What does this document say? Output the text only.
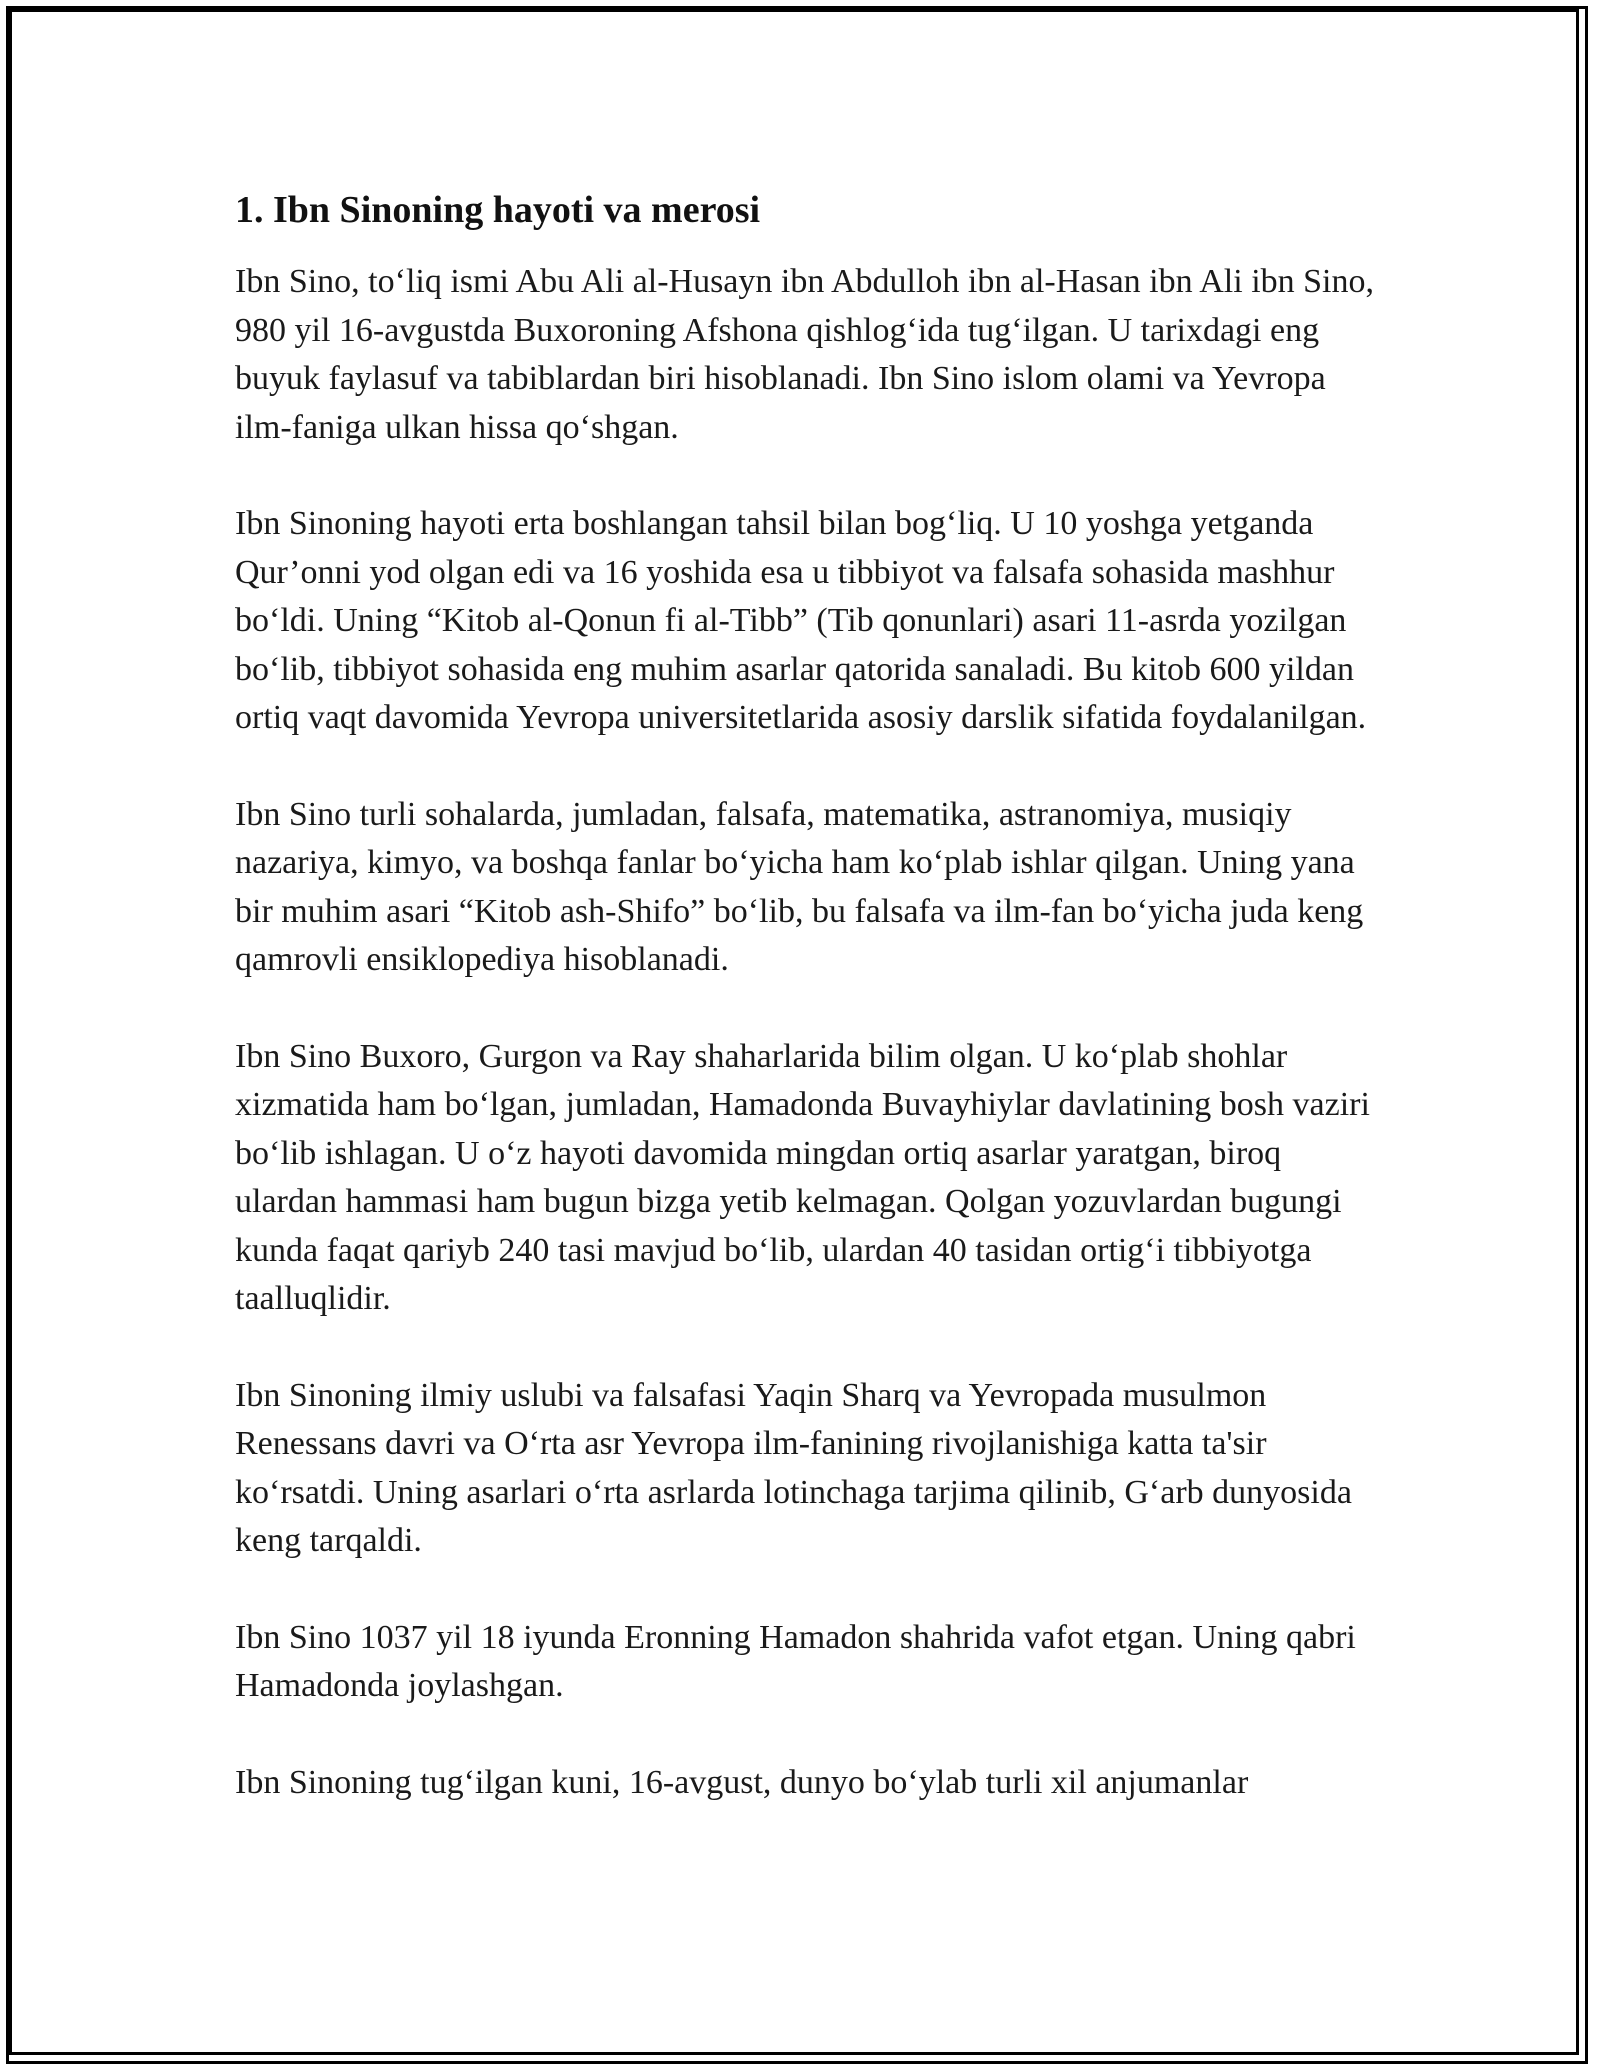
1. Ibn Sinoning hayoti va merosi

Ibn Sino, to‘liq ismi Abu Ali al-Husayn ibn Abdulloh ibn al-Hasan ibn Ali ibn Sino, 980 yil 16-avgustda Buxoroning Afshona qishlog‘ida tug‘ilgan. U tarixdagi eng buyuk faylasuf va tabiblardan biri hisoblanadi. Ibn Sino islom olami va Yevropa ilm-faniga ulkan hissa qo‘shgan.

Ibn Sinoning hayoti erta boshlangan tahsil bilan bog‘liq. U 10 yoshga yetganda Qur’onni yod olgan edi va 16 yoshida esa u tibbiyot va falsafa sohasida mashhur bo‘ldi. Uning “Kitob al-Qonun fi al-Tibb” (Tib qonunlari) asari 11-asrda yozilgan bo‘lib, tibbiyot sohasida eng muhim asarlar qatorida sanaladi. Bu kitob 600 yildan ortiq vaqt davomida Yevropa universitetlarida asosiy darslik sifatida foydalanilgan.

Ibn Sino turli sohalarda, jumladan, falsafa, matematika, astranomiya, musiqiy nazariya, kimyo, va boshqa fanlar bo‘yicha ham ko‘plab ishlar qilgan. Uning yana bir muhim asari “Kitob ash-Shifo” bo‘lib, bu falsafa va ilm-fan bo‘yicha juda keng qamrovli ensiklopediya hisoblanadi.

Ibn Sino Buxoro, Gurgon va Ray shaharlarida bilim olgan. U ko‘plab shohlar xizmatida ham bo‘lgan, jumladan, Hamadonda Buvayhiylar davlatining bosh vaziri bo‘lib ishlagan. U o‘z hayoti davomida mingdan ortiq asarlar yaratgan, biroq ulardan hammasi ham bugun bizga yetib kelmagan. Qolgan yozuvlardan bugungi kunda faqat qariyb 240 tasi mavjud bo‘lib, ulardan 40 tasidan ortig‘i tibbiyotga taalluqlidir.

Ibn Sinoning ilmiy uslubi va falsafasi Yaqin Sharq va Yevropada musulmon Renessans davri va O‘rta asr Yevropa ilm-fanining rivojlanishiga katta ta'sir ko‘rsatdi. Uning asarlari o‘rta asrlarda lotinchaga tarjima qilinib, G‘arb dunyosida keng tarqaldi.

Ibn Sino 1037 yil 18 iyunda Eronning Hamadon shahrida vafot etgan. Uning qabri Hamadonda joylashgan.

Ibn Sinoning tug‘ilgan kuni, 16-avgust, dunyo bo‘ylab turli xil anjumanlar
